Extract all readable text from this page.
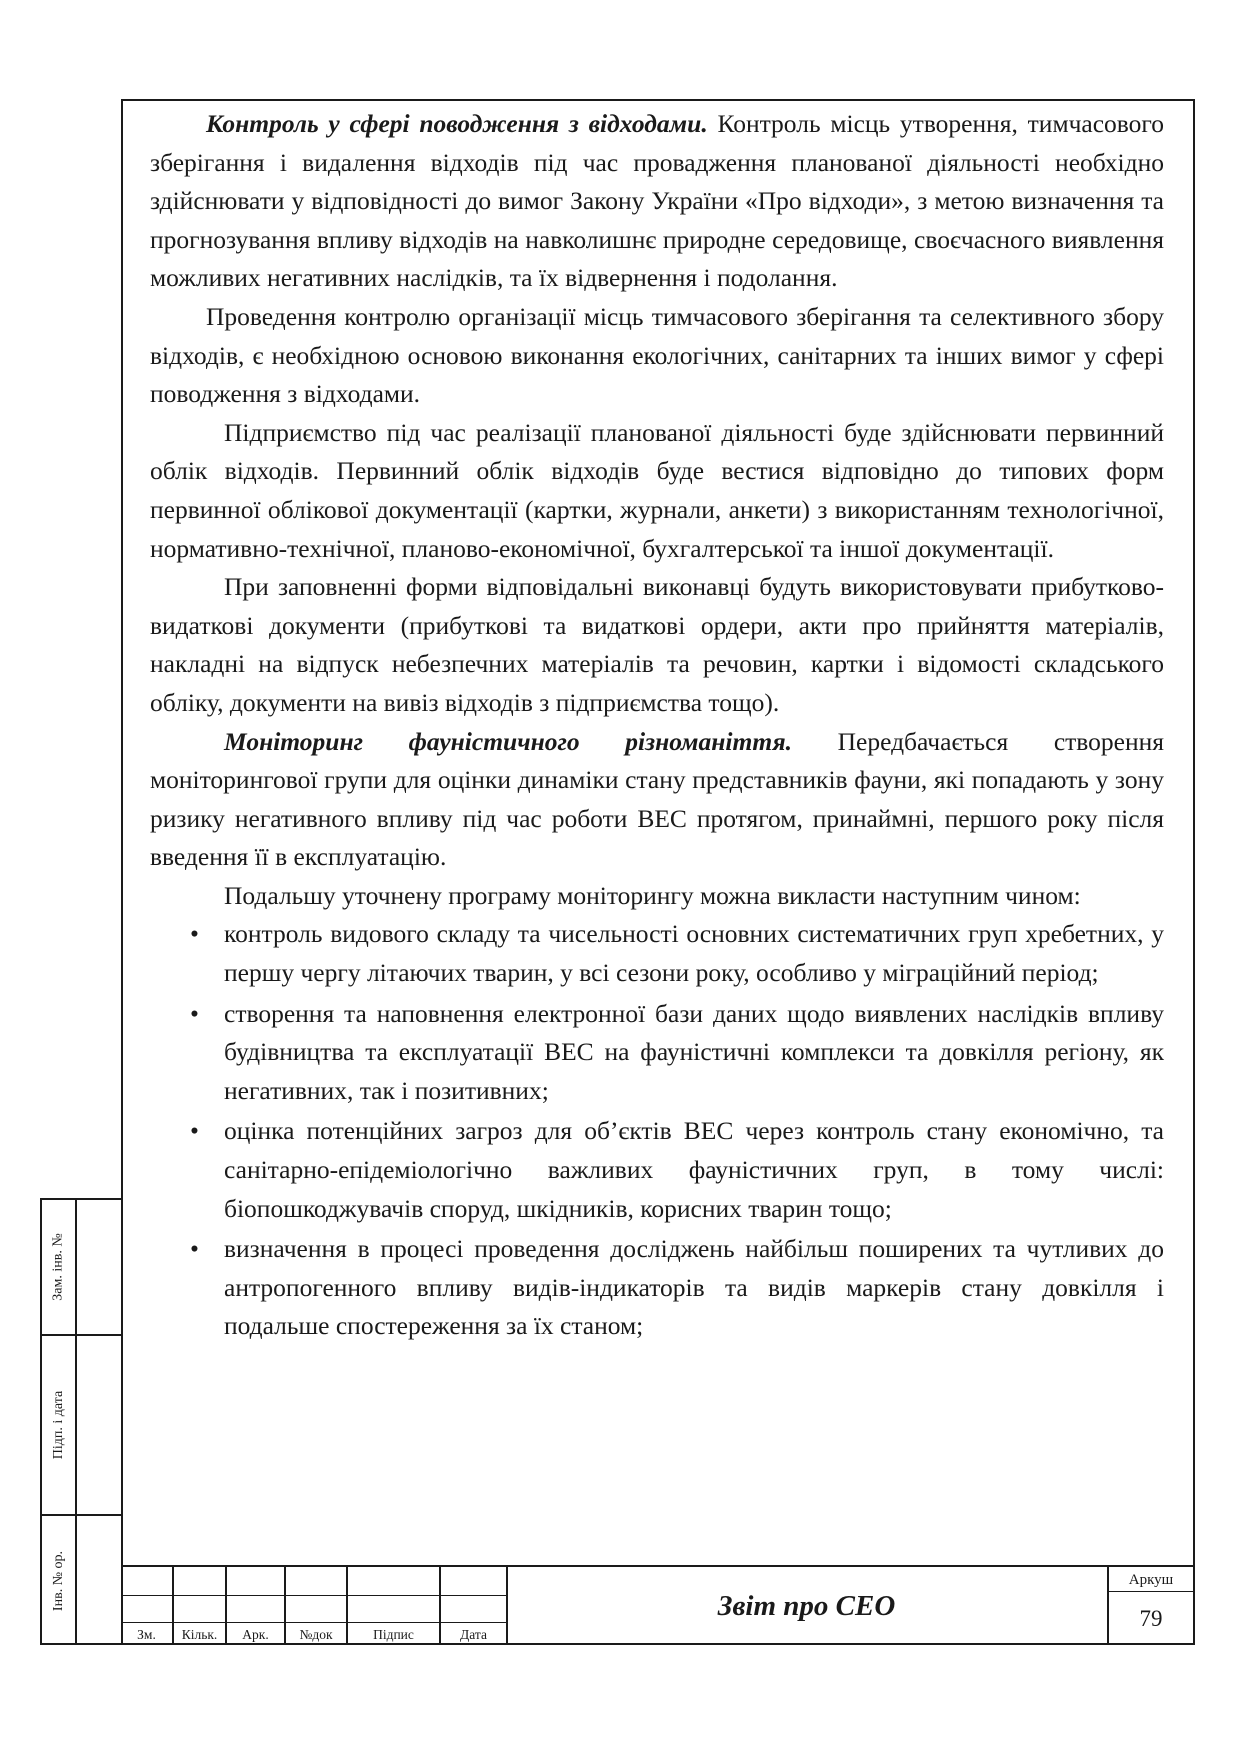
Контроль у сфері поводження з відходами. Контроль місць утворення, тимчасового зберігання і видалення відходів під час провадження планованої діяльності необхідно здійснювати у відповідності до вимог Закону України «Про відходи», з метою визначення та прогнозування впливу відходів на навколишнє природне середовище, своєчасного виявлення можливих негативних наслідків, та їх відвернення і подолання.

Проведення контролю організації місць тимчасового зберігання та селективного збору відходів, є необхідною основою виконання екологічних, санітарних та інших вимог у сфері поводження з відходами.

Підприємство під час реалізації планованої діяльності буде здійснювати первинний облік відходів. Первинний облік відходів буде вестися відповідно до типових форм первинної облікової документації (картки, журнали, анкети) з використанням технологічної, нормативно-технічної, планово-економічної, бухгалтерської та іншої документації.

При заповненні форми відповідальні виконавці будуть використовувати прибутково-видаткові документи (прибуткові та видаткові ордери, акти про прийняття матеріалів, накладні на відпуск небезпечних матеріалів та речовин, картки і відомості складського обліку, документи на вивіз відходів з підприємства тощо).

Моніторинг фауністичного різноманіття. Передбачається створення моніторингової групи для оцінки динаміки стану представників фауни, які попадають у зону ризику негативного впливу під час роботи ВЕС протягом, принаймні, першого року після введення її в експлуатацію.

Подальшу уточнену програму моніторингу можна викласти наступним чином:

• контроль видового складу та чисельності основних систематичних груп хребетних, у першу чергу літаючих тварин, у всі сезони року, особливо у міграційний період;
• створення та наповнення електронної бази даних щодо виявлених наслідків впливу будівництва та експлуатації ВЕС на фауністичні комплекси та довкілля регіону, як негативних, так і позитивних;
• оцінка потенційних загроз для об’єктів ВЕС через контроль стану економічно, та санітарно-епідеміологічно важливих фауністичних груп, в тому числі: біопошкоджувачів споруд, шкідників, корисних тварин тощо;
• визначення в процесі проведення досліджень найбільш поширених та чутливих до антропогенного впливу видів-індикаторів та видів маркерів стану довкілля і подальше спостереження за їх станом;
Зам. інв. №
Підп. і дата
Інв. № ор.
Зм.	Кільк.	Арк.	№док	Підпис	Дата
Звіт про СЕО
Аркуш
79
